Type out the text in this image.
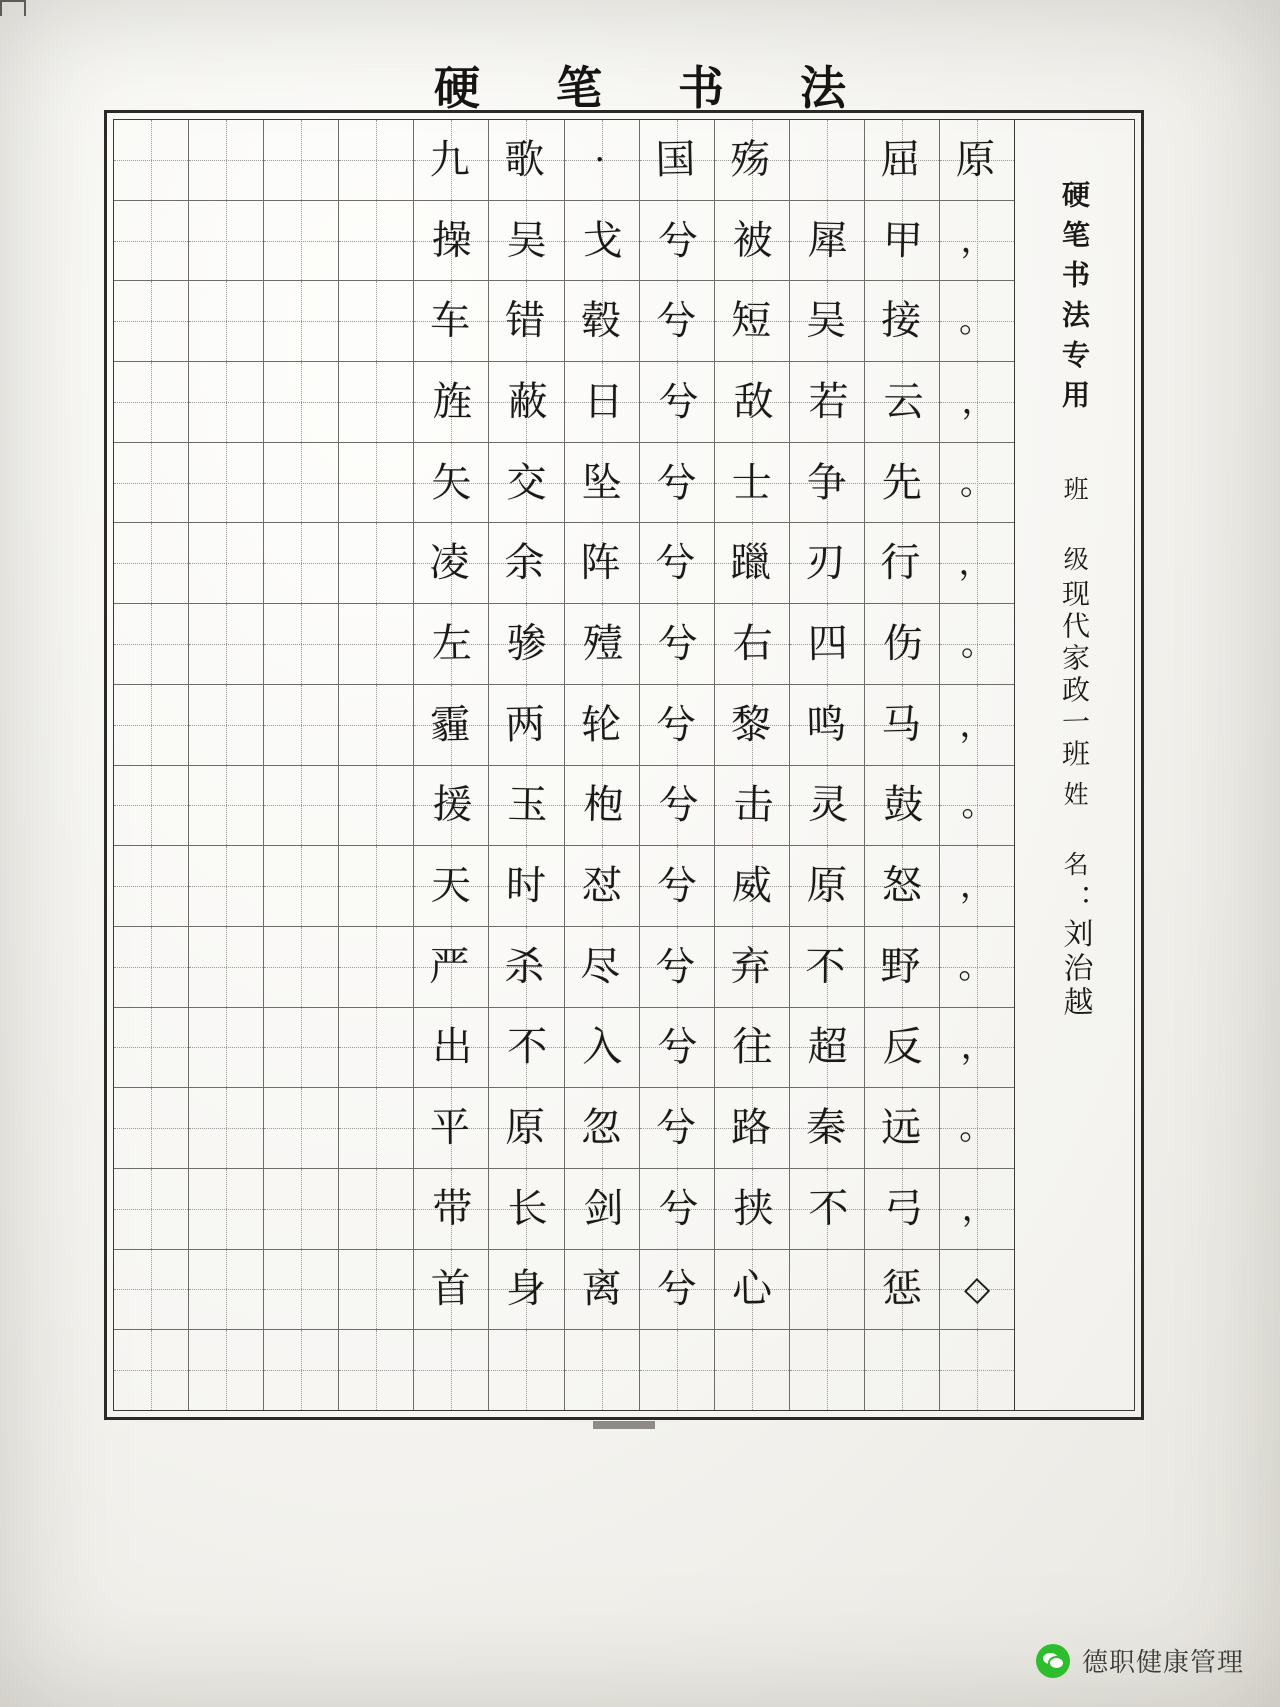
硬 笔 书 法
硬笔书法专用
班 级
现代家政一班
姓 名
：刘治越
原
，
。
，
。
，
。
，
。
，
。
，
。
，
◇
屈
甲
接
云
先
行
伤
马
鼓
怒
野
反
远
弓
惩
犀
吴
若
争
刃
四
鸣
灵
原
不
超
秦
不
殇
被
短
敌
士
躐
右
黎
击
威
弃
往
路
挟
心
国
兮
兮
兮
兮
兮
兮
兮
兮
兮
兮
兮
兮
兮
兮
·
戈
毂
日
坠
阵
殪
轮
枹
怼
尽
入
忽
剑
离
歌
吴
错
蔽
交
余
骖
两
玉
时
杀
不
原
长
身
九
操
车
旌
矢
凌
左
霾
援
天
严
出
平
带
首
德职健康管理
